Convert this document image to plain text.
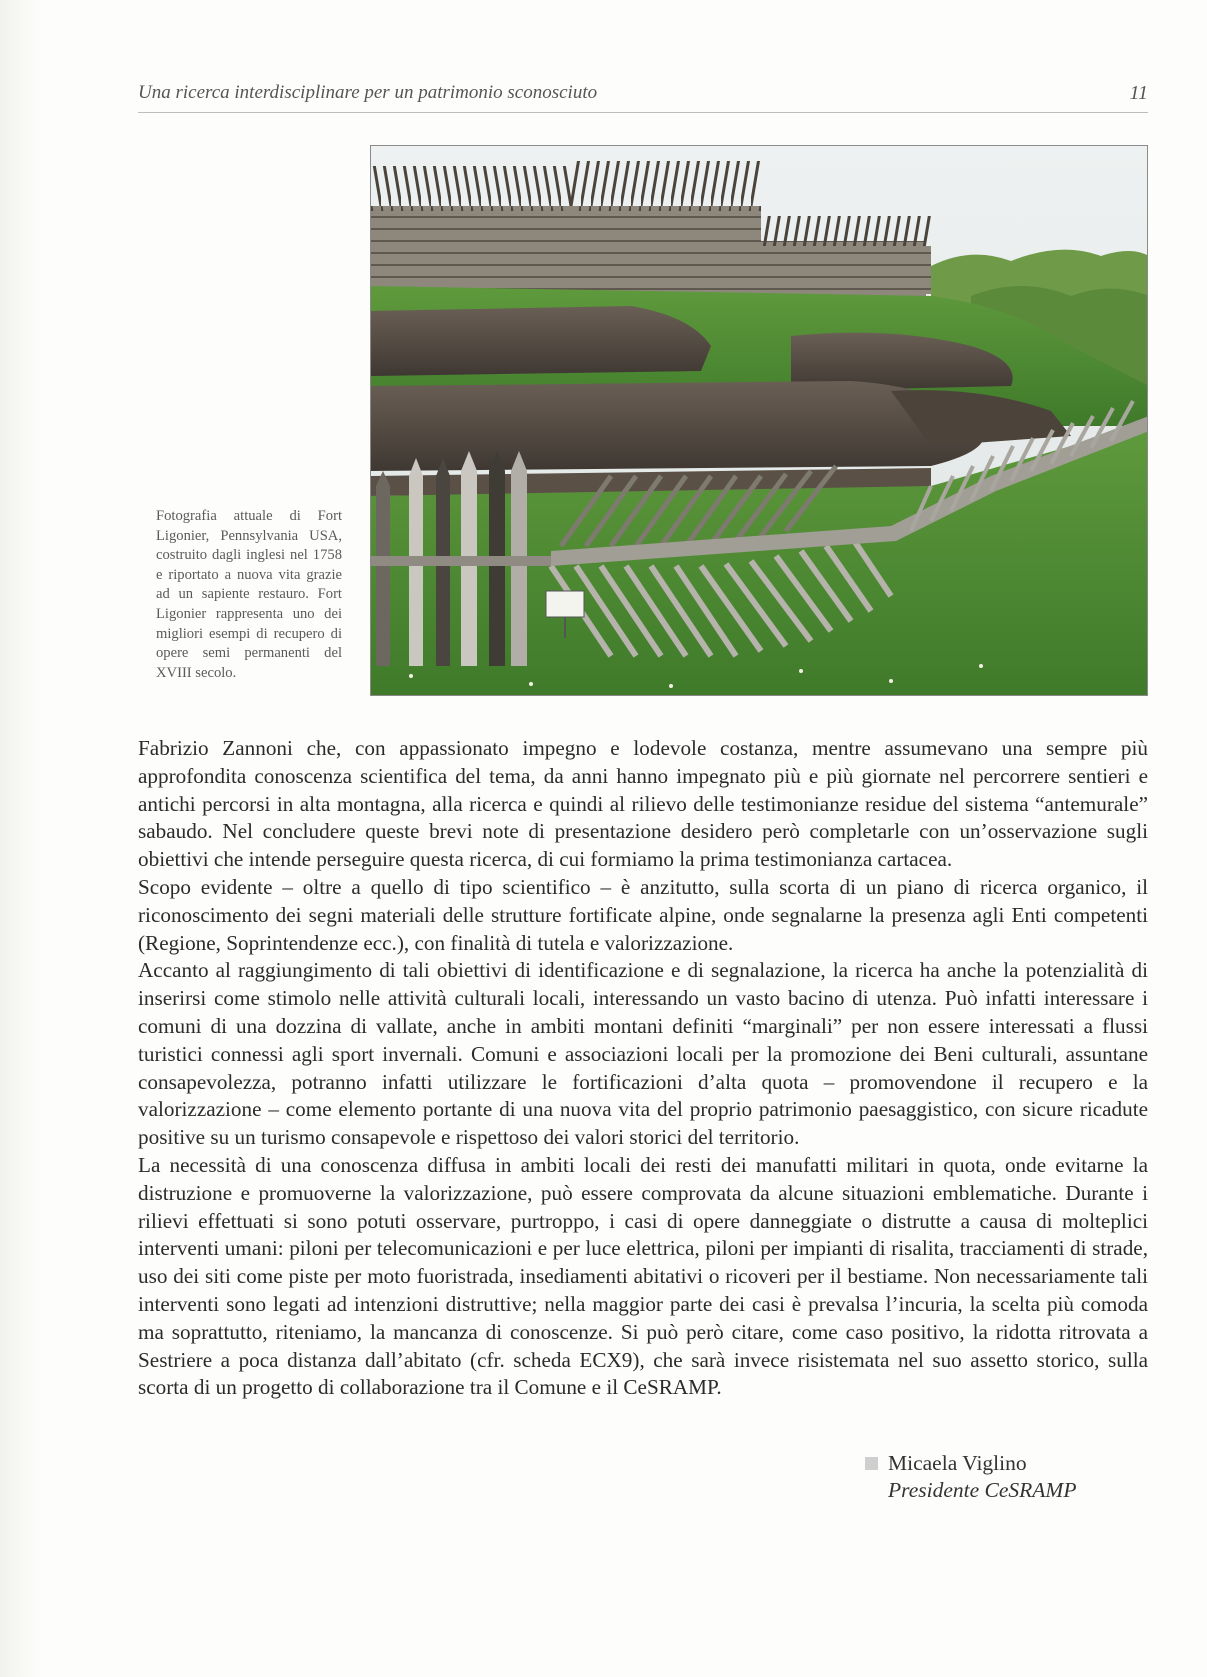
Una ricerca interdisciplinare per un patrimonio sconosciuto	11
Fotografia attuale di Fort Ligonier, Pennsylvania USA, costruito dagli inglesi nel 1758 e riportato a nuova vita grazie ad un sapiente restauro. Fort Ligonier rappresenta uno dei migliori esempi di recupero di opere semi permanenti del XVIII secolo.

Fabrizio Zannoni che, con appassionato impegno e lodevole costanza, mentre assumevano una sempre più approfondita conoscenza scientifica del tema, da anni hanno impegnato più e più giornate nel percorrere sentieri e antichi percorsi in alta montagna, alla ricerca e quindi al rilievo delle testimonianze residue del sistema “antemurale” sabaudo. Nel concludere queste brevi note di presentazione desidero però completarle con un’osservazione sugli obiettivi che intende perseguire questa ricerca, di cui formiamo la prima testimonianza cartacea.

Scopo evidente – oltre a quello di tipo scientifico – è anzitutto, sulla scorta di un piano di ricerca organico, il riconoscimento dei segni materiali delle strutture fortificate alpine, onde segnalarne la presenza agli Enti competenti (Regione, Soprintendenze ecc.), con finalità di tutela e valorizzazione.

Accanto al raggiungimento di tali obiettivi di identificazione e di segnalazione, la ricerca ha anche la potenzialità di inserirsi come stimolo nelle attività culturali locali, interessando un vasto bacino di utenza. Può infatti interessare i comuni di una dozzina di vallate, anche in ambiti montani definiti “marginali” per non essere interessati a flussi turistici connessi agli sport invernali. Comuni e associazioni locali per la promozione dei Beni culturali, assuntane consapevolezza, potranno infatti utilizzare le fortificazioni d’alta quota – promovendone il recupero e la valorizzazione – come elemento portante di una nuova vita del proprio patrimonio paesaggistico, con sicure ricadute positive su un turismo consapevole e rispettoso dei valori storici del territorio.

La necessità di una conoscenza diffusa in ambiti locali dei resti dei manufatti militari in quota, onde evitarne la distruzione e promuoverne la valorizzazione, può essere comprovata da alcune situazioni emblematiche. Durante i rilievi effettuati si sono potuti osservare, purtroppo, i casi di opere danneggiate o distrutte a causa di molteplici interventi umani: piloni per telecomunicazioni e per luce elettrica, piloni per impianti di risalita, tracciamenti di strade, uso dei siti come piste per moto fuoristrada, insediamenti abitativi o ricoveri per il bestiame. Non necessariamente tali interventi sono legati ad intenzioni distruttive; nella maggior parte dei casi è prevalsa l’incuria, la scelta più comoda ma soprattutto, riteniamo, la mancanza di conoscenze. Si può però citare, come caso positivo, la ridotta ritrovata a Sestriere a poca distanza dall’abitato (cfr. scheda ECX9), che sarà invece risistemata nel suo assetto storico, sulla scorta di un progetto di collaborazione tra il Comune e il CeSRAMP.

Micaela Viglino
Presidente CeSRAMP
